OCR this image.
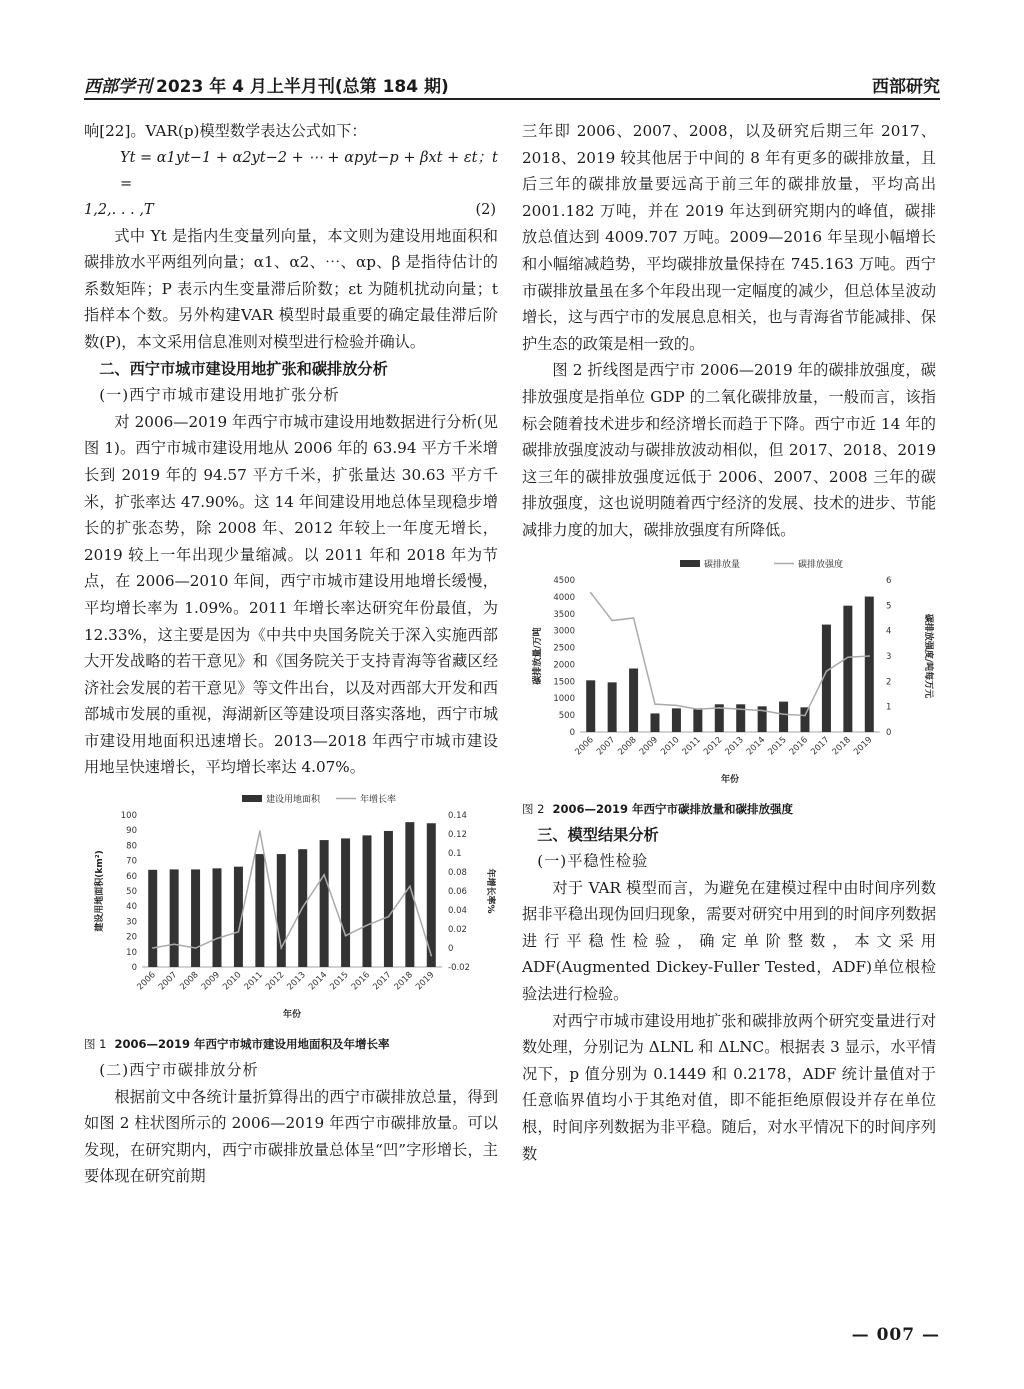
西部学刊 2023 年 4 月上半月刊(总第 184 期)	西部研究

响[22]。VAR(p)模型数学表达公式如下：

Yt = α1yt−1 + α2yt−2 + ⋯ + αpyt−p + βxt + εt；t =
1,2,. . . ,T	(2)

式中 Yt 是指内生变量列向量，本文则为建设用地面积和碳排放水平两组列向量；α1、α2、⋯、αp、β 是指待估计的系数矩阵；P 表示内生变量滞后阶数；εt 为随机扰动向量；t 指样本个数。另外构建VAR 模型时最重要的确定最佳滞后阶数(P)，本文采用信息准则对模型进行检验并确认。

二、西宁市城市建设用地扩张和碳排放分析

(一)西宁市城市建设用地扩张分析

对 2006—2019 年西宁市城市建设用地数据进行分析(见图 1)。西宁市城市建设用地从 2006 年的 63.94 平方千米增长到 2019 年的 94.57 平方千米，扩张量达 30.63 平方千米，扩张率达 47.90%。这 14 年间建设用地总体呈现稳步增长的扩张态势，除 2008 年、2012 年较上一年度无增长，2019 较上一年出现少量缩减。以 2011 年和 2018 年为节点，在 2006—2010 年间，西宁市城市建设用地增长缓慢，平均增长率为 1.09%。2011 年增长率达研究年份最值，为 12.33%，这主要是因为《中共中央国务院关于深入实施西部大开发战略的若干意见》和《国务院关于支持青海等省藏区经济社会发展的若干意见》等文件出台，以及对西部大开发和西部城市发展的重视，海湖新区等建设项目落实落地，西宁市城市建设用地面积迅速增长。2013—2018 年西宁市城市建设用地呈快速增长，平均增长率达 4.07%。

建设用地面积	年增长率
0
10
20
30
40
50
60
70
80
90
100
-0.02
0
0.02
0.04
0.06
0.08
0.1
0.12
0.14
建设用地面积(km²)	年增长率%
2006 2007 2008 2009 2010 2011 2012 2013 2014 2015 2016 2017 2018 2019
年份
图 1 2006—2019 年西宁市城市建设用地面积及年增长率

(二)西宁市碳排放分析

根据前文中各统计量折算得出的西宁市碳排放总量，得到如图 2 柱状图所示的 2006—2019 年西宁市碳排放量。可以发现，在研究期内，西宁市碳排放量总体呈“凹”字形增长，主要体现在研究前期

三年即 2006、2007、2008，以及研究后期三年 2017、2018、2019 较其他居于中间的 8 年有更多的碳排放量，且后三年的碳排放量要远高于前三年的碳排放量，平均高出 2001.182 万吨，并在 2019 年达到研究期内的峰值，碳排放总值达到 4009.707 万吨。2009—2016 年呈现小幅增长和小幅缩减趋势，平均碳排放量保持在 745.163 万吨。西宁市碳排放量虽在多个年段出现一定幅度的减少，但总体呈波动增长，这与西宁市的发展息息相关，也与青海省节能减排、保护生态的政策是相一致的。

图 2 折线图是西宁市 2006—2019 年的碳排放强度，碳排放强度是指单位 GDP 的二氧化碳排放量，一般而言，该指标会随着技术进步和经济增长而趋于下降。西宁市近 14 年的碳排放强度波动与碳排放波动相似，但 2017、2018、2019 这三年的碳排放强度远低于 2006、2007、2008 三年的碳排放强度，这也说明随着西宁经济的发展、技术的进步、节能减排力度的加大，碳排放强度有所降低。

碳排放量	碳排放强度
0
500
1000
1500
2000
2500
3000
3500
4000
4500
0
1
2
3
4
5
6
碳排放量/万吨	碳排放强度/吨每万元
2006 2007 2008 2009 2010 2011 2012 2013 2014 2015 2016 2017 2018 2019
年份
图 2 2006—2019 年西宁市碳排放量和碳排放强度

三、模型结果分析

(一)平稳性检验

对于 VAR 模型而言，为避免在建模过程中由时间序列数据非平稳出现伪回归现象，需要对研究中用到的时间序列数据进行平稳性检验，确定单阶整数，本文采用 ADF(Augmented Dickey-Fuller Tested，ADF)单位根检验法进行检验。

对西宁市城市建设用地扩张和碳排放两个研究变量进行对数处理，分别记为 ΔLNL 和 ΔLNC。根据表 3 显示，水平情况下，p 值分别为 0.1449 和 0.2178，ADF 统计量值对于任意临界值均小于其绝对值，即不能拒绝原假设并存在单位根，时间序列数据为非平稳。随后，对水平情况下的时间序列数

— 007 —
